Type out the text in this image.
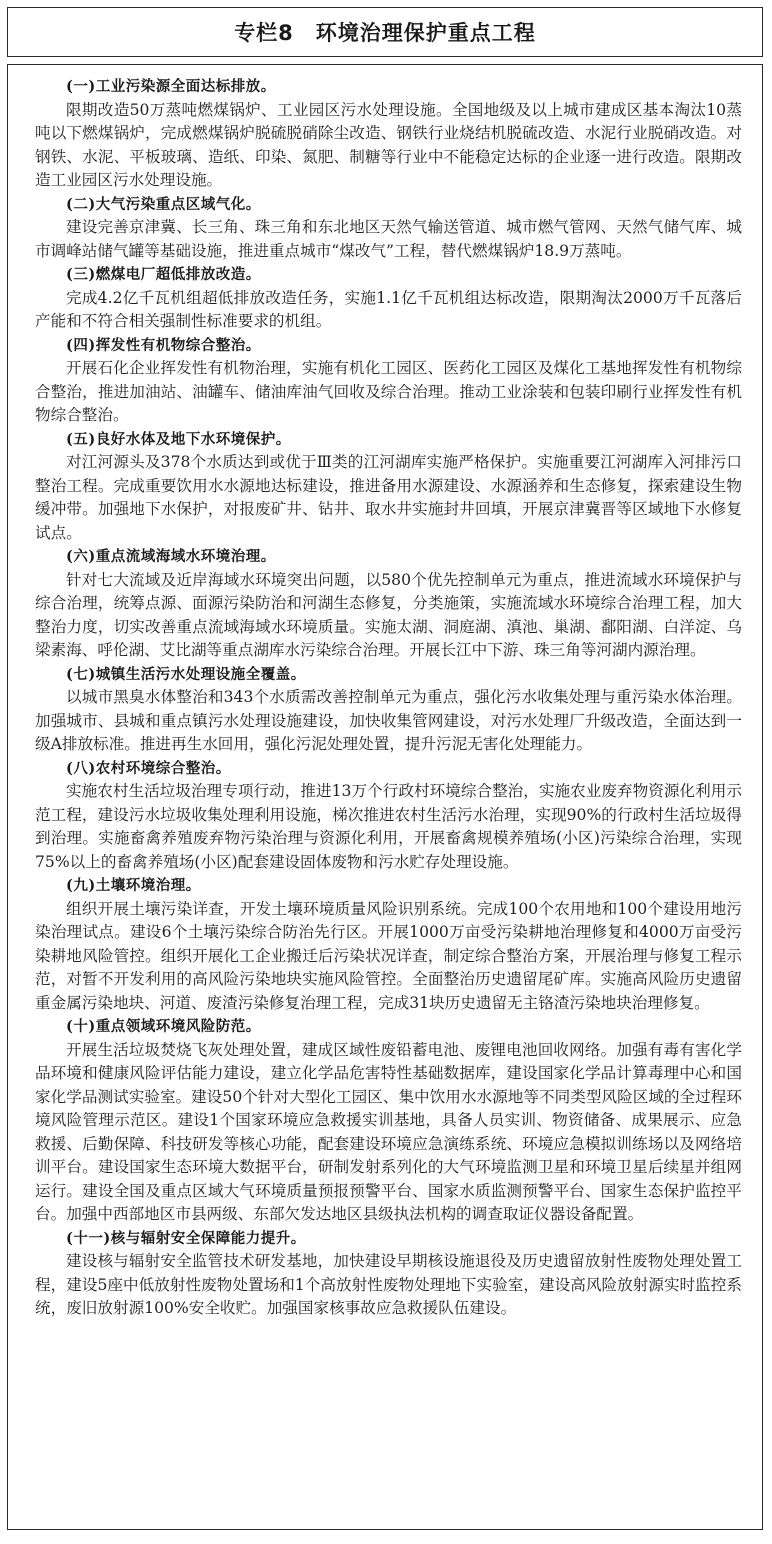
专栏8　环境治理保护重点工程
(一)工业污染源全面达标排放。
限期改造50万蒸吨燃煤锅炉、工业园区污水处理设施。全国地级及以上城市建成区基本淘汰10蒸吨以下燃煤锅炉，完成燃煤锅炉脱硫脱硝除尘改造、钢铁行业烧结机脱硫改造、水泥行业脱硝改造。对钢铁、水泥、平板玻璃、造纸、印染、氮肥、制糖等行业中不能稳定达标的企业逐一进行改造。限期改造工业园区污水处理设施。
(二)大气污染重点区域气化。
建设完善京津冀、长三角、珠三角和东北地区天然气输送管道、城市燃气管网、天然气储气库、城市调峰站储气罐等基础设施，推进重点城市“煤改气”工程，替代燃煤锅炉18.9万蒸吨。
(三)燃煤电厂超低排放改造。
完成4.2亿千瓦机组超低排放改造任务，实施1.1亿千瓦机组达标改造，限期淘汰2000万千瓦落后产能和不符合相关强制性标准要求的机组。
(四)挥发性有机物综合整治。
开展石化企业挥发性有机物治理，实施有机化工园区、医药化工园区及煤化工基地挥发性有机物综合整治，推进加油站、油罐车、储油库油气回收及综合治理。推动工业涂装和包装印刷行业挥发性有机物综合整治。
(五)良好水体及地下水环境保护。
对江河源头及378个水质达到或优于Ⅲ类的江河湖库实施严格保护。实施重要江河湖库入河排污口整治工程。完成重要饮用水水源地达标建设，推进备用水源建设、水源涵养和生态修复，探索建设生物缓冲带。加强地下水保护，对报废矿井、钻井、取水井实施封井回填，开展京津冀晋等区域地下水修复试点。
(六)重点流域海域水环境治理。
针对七大流域及近岸海域水环境突出问题，以580个优先控制单元为重点，推进流域水环境保护与综合治理，统筹点源、面源污染防治和河湖生态修复，分类施策，实施流域水环境综合治理工程，加大整治力度，切实改善重点流域海域水环境质量。实施太湖、洞庭湖、滇池、巢湖、鄱阳湖、白洋淀、乌梁素海、呼伦湖、艾比湖等重点湖库水污染综合治理。开展长江中下游、珠三角等河湖内源治理。
(七)城镇生活污水处理设施全覆盖。
以城市黑臭水体整治和343个水质需改善控制单元为重点，强化污水收集处理与重污染水体治理。加强城市、县城和重点镇污水处理设施建设，加快收集管网建设，对污水处理厂升级改造，全面达到一级A排放标准。推进再生水回用，强化污泥处理处置，提升污泥无害化处理能力。
(八)农村环境综合整治。
实施农村生活垃圾治理专项行动，推进13万个行政村环境综合整治，实施农业废弃物资源化利用示范工程，建设污水垃圾收集处理利用设施，梯次推进农村生活污水治理，实现90%的行政村生活垃圾得到治理。实施畜禽养殖废弃物污染治理与资源化利用，开展畜禽规模养殖场(小区)污染综合治理，实现75%以上的畜禽养殖场(小区)配套建设固体废物和污水贮存处理设施。
(九)土壤环境治理。
组织开展土壤污染详查，开发土壤环境质量风险识别系统。完成100个农用地和100个建设用地污染治理试点。建设6个土壤污染综合防治先行区。开展1000万亩受污染耕地治理修复和4000万亩受污染耕地风险管控。组织开展化工企业搬迁后污染状况详查，制定综合整治方案，开展治理与修复工程示范，对暂不开发利用的高风险污染地块实施风险管控。全面整治历史遗留尾矿库。实施高风险历史遗留重金属污染地块、河道、废渣污染修复治理工程，完成31块历史遗留无主铬渣污染地块治理修复。
(十)重点领域环境风险防范。
开展生活垃圾焚烧飞灰处理处置，建成区域性废铅蓄电池、废锂电池回收网络。加强有毒有害化学品环境和健康风险评估能力建设，建立化学品危害特性基础数据库，建设国家化学品计算毒理中心和国家化学品测试实验室。建设50个针对大型化工园区、集中饮用水水源地等不同类型风险区域的全过程环境风险管理示范区。建设1个国家环境应急救援实训基地，具备人员实训、物资储备、成果展示、应急救援、后勤保障、科技研发等核心功能，配套建设环境应急演练系统、环境应急模拟训练场以及网络培训平台。建设国家生态环境大数据平台，研制发射系列化的大气环境监测卫星和环境卫星后续星并组网运行。建设全国及重点区域大气环境质量预报预警平台、国家水质监测预警平台、国家生态保护监控平台。加强中西部地区市县两级、东部欠发达地区县级执法机构的调查取证仪器设备配置。
(十一)核与辐射安全保障能力提升。
建设核与辐射安全监管技术研发基地，加快建设早期核设施退役及历史遗留放射性废物处理处置工程，建设5座中低放射性废物处置场和1个高放射性废物处理地下实验室，建设高风险放射源实时监控系统，废旧放射源100%安全收贮。加强国家核事故应急救援队伍建设。
